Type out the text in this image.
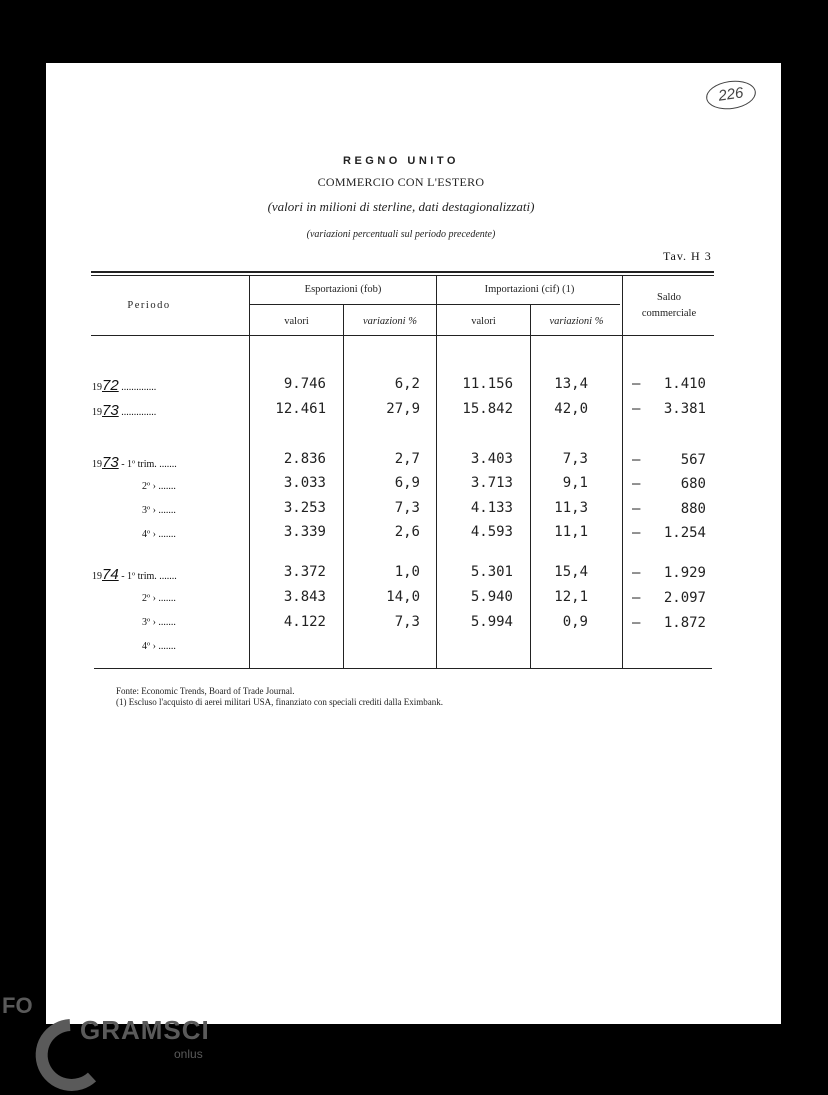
226
REGNO UNITO
COMMERCIO CON L'ESTERO
(valori in milioni di sterline, dati destagionalizzati)
(variazioni percentuali sul periodo precedente)
Tav. H 3
Periodo
Esportazioni (fob)	Importazioni (cif) (1)
Saldo
commerciale
valori	variazioni %	valori	variazioni %
1972 ..............	9.746	6,2	11.156	13,4	–	1.410
1973 ..............	12.461	27,9	15.842	42,0	–	3.381
1973 - 1º trim. .......	2.836	2,7	3.403	7,3	–	567
2º › .......	3.033	6,9	3.713	9,1	–	680
3º › .......	3.253	7,3	4.133	11,3	–	880
4º › .......	3.339	2,6	4.593	11,1	–	1.254
1974 - 1º trim. .......	3.372	1,0	5.301	15,4	–	1.929
2º › .......	3.843	14,0	5.940	12,1	–	2.097
3º › .......	4.122	7,3	5.994	0,9	–	1.872
4º › .......
Fonte: Economic Trends, Board of Trade Journal.
(1) Escluso l'acquisto di aerei militari USA, finanziato con speciali crediti dalla Eximbank.
FO
GRAMSCI
onlus
